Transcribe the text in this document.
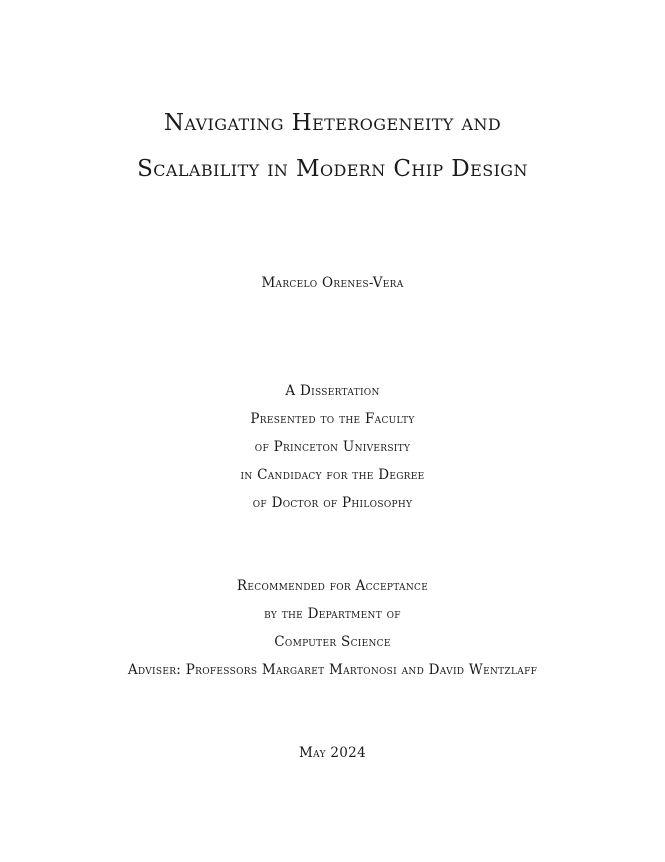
Navigating Heterogeneity and
Scalability in Modern Chip Design
Marcelo Orenes-Vera
A Dissertation
Presented to the Faculty
of Princeton University
in Candidacy for the Degree
of Doctor of Philosophy
Recommended for Acceptance
by the Department of
Computer Science
Adviser: Professors Margaret Martonosi and David Wentzlaff
May 2024
